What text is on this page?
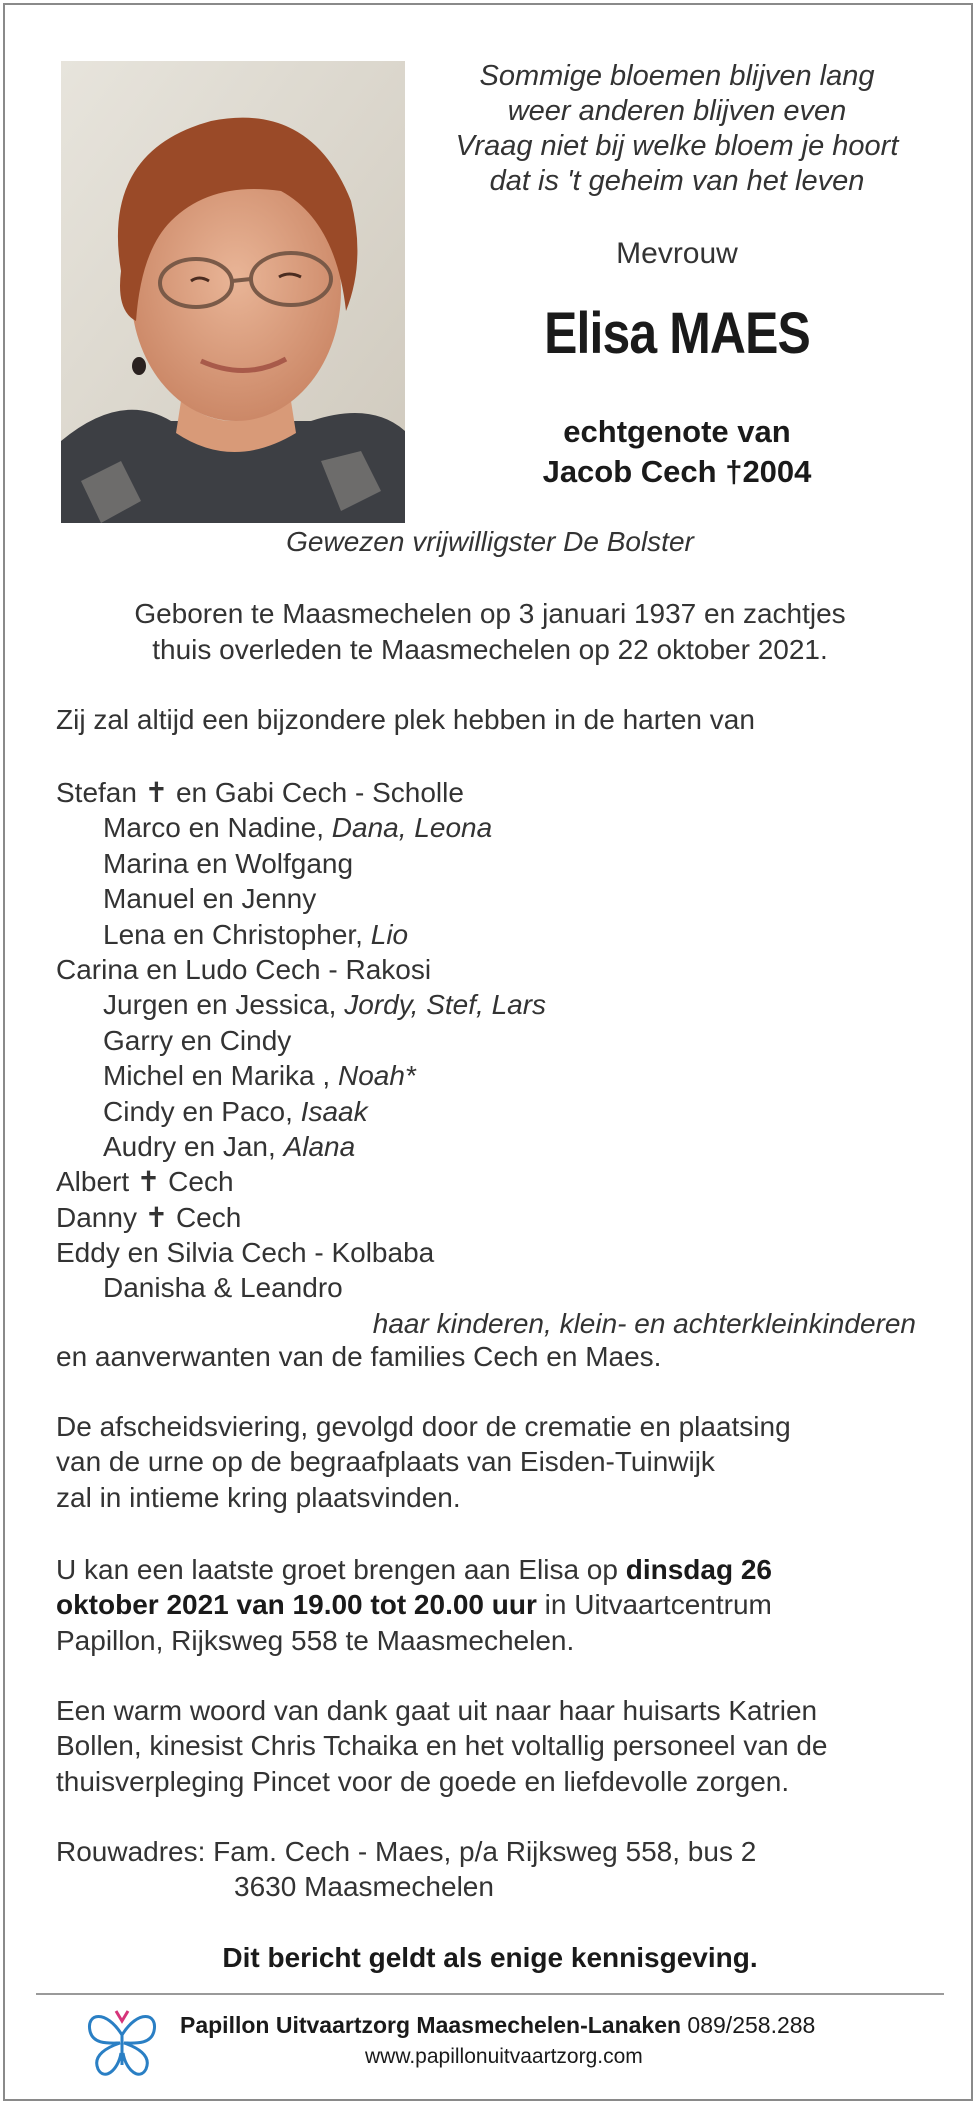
Sommige bloemen blijven lang
weer anderen blijven even
Vraag niet bij welke bloem je hoort
dat is 't geheim van het leven
Mevrouw
Elisa MAES
echtgenote van
Jacob Cech †2004
Gewezen vrijwilligster De Bolster
Geboren te Maasmechelen op 3 januari 1937 en zachtjes
thuis overleden te Maasmechelen op 22 oktober 2021.
Zij zal altijd een bijzondere plek hebben in de harten van
Stefan ✝ en Gabi Cech - Scholle
Marco en Nadine, Dana, Leona
Marina en Wolfgang
Manuel en Jenny
Lena en Christopher, Lio
Carina en Ludo Cech - Rakosi
Jurgen en Jessica, Jordy, Stef, Lars
Garry en Cindy
Michel en Marika , Noah*
Cindy en Paco, Isaak
Audry en Jan, Alana
Albert ✝ Cech
Danny ✝ Cech
Eddy en Silvia Cech - Kolbaba
Danisha & Leandro
haar kinderen, klein- en achterkleinkinderen
en aanverwanten van de families Cech en Maes.
De afscheidsviering, gevolgd door de crematie en plaatsing
van de urne op de begraafplaats van Eisden-Tuinwijk
zal in intieme kring plaatsvinden.
U kan een laatste groet brengen aan Elisa op dinsdag 26
oktober 2021 van 19.00 tot 20.00 uur in Uitvaartcentrum
Papillon, Rijksweg 558 te Maasmechelen.
Een warm woord van dank gaat uit naar haar huisarts Katrien
Bollen, kinesist Chris Tchaika en het voltallig personeel van de
thuisverpleging Pincet voor de goede en liefdevolle zorgen.
Rouwadres: Fam. Cech - Maes, p/a Rijksweg 558, bus 2
3630 Maasmechelen
Dit bericht geldt als enige kennisgeving.
Papillon Uitvaartzorg Maasmechelen-Lanaken 089/258.288
www.papillonuitvaartzorg.com
